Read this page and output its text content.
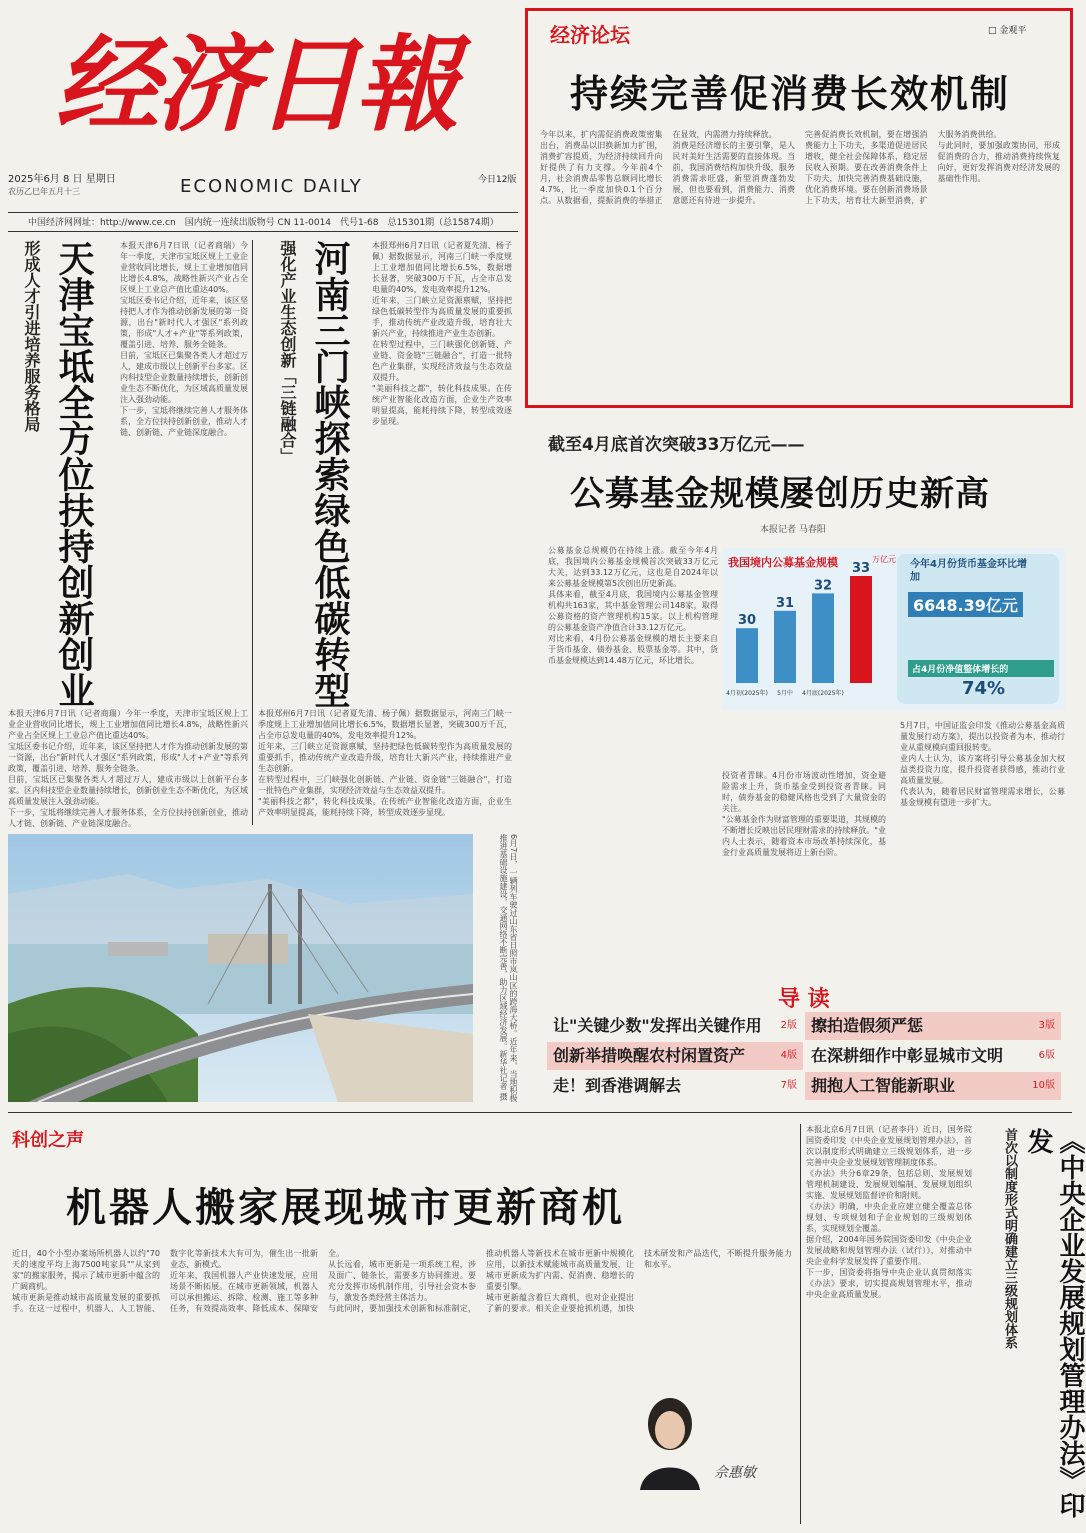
经济日報
2025年6月 8 日 星期日
农历乙巳年五月十三	ECONOMIC DAILY	今日12版
中国经济网网址：http://www.ce.cn　国内统一连续出版物号 CN 11-0014　代号1-68　总15301期（总15874期）
经济论坛	□ 金观平
持续完善促消费长效机制
今年以来，扩内需促消费政策密集出台，消费品以旧换新加力扩围，消费扩容提质，为经济持续回升向好提供了有力支撑。今年前4个月，社会消费品零售总额同比增长4.7%，比一季度加快0.1个百分点。从数据看，提振消费的举措正在显效，内需潜力持续释放。
消费是经济增长的主要引擎，是人民对美好生活需要的直接体现。当前，我国消费结构加快升级，服务消费需求旺盛，新型消费蓬勃发展，但也要看到，消费能力、消费意愿还有待进一步提升。
完善促消费长效机制，要在增强消费能力上下功夫，多渠道促进居民增收，健全社会保障体系，稳定居民收入预期。要在改善消费条件上下功夫，加快完善消费基础设施，优化消费环境。要在创新消费场景上下功夫，培育壮大新型消费，扩大服务消费供给。
与此同时，要加强政策协同，形成促消费的合力，推动消费持续恢复向好，更好发挥消费对经济发展的基础性作用。
形成人才引进培养服务格局 天津宝坻全方位扶持创新创业	本报天津6月7日讯（记者商瑞）今年一季度，天津市宝坻区规上工业企业营收同比增长，规上工业增加值同比增长4.8%，战略性新兴产业占全区规上工业总产值比重达40%。
宝坻区委书记介绍，近年来，该区坚持把人才作为推动创新发展的第一资源，出台"新时代人才强区"系列政策，形成"人才+产业"等系列政策，覆盖引进、培养、服务全链条。
目前，宝坻区已集聚各类人才超过万人，建成市级以上创新平台多家。区内科技型企业数量持续增长，创新创业生态不断优化，为区域高质量发展注入强劲动能。
下一步，宝坻将继续完善人才服务体系，全方位扶持创新创业，推动人才链、创新链、产业链深度融合。
本报天津6月7日讯（记者商瑞）今年一季度，天津市宝坻区规上工业企业营收同比增长，规上工业增加值同比增长4.8%，战略性新兴产业占全区规上工业总产值比重达40%。
宝坻区委书记介绍，近年来，该区坚持把人才作为推动创新发展的第一资源，出台"新时代人才强区"系列政策，形成"人才+产业"等系列政策，覆盖引进、培养、服务全链条。
目前，宝坻区已集聚各类人才超过万人，建成市级以上创新平台多家。区内科技型企业数量持续增长，创新创业生态不断优化，为区域高质量发展注入强劲动能。
下一步，宝坻将继续完善人才服务体系，全方位扶持创新创业，推动人才链、创新链、产业链深度融合。
强化产业生态创新「三链融合」 河南三门峡探索绿色低碳转型	本报郑州6月7日讯（记者夏先清、杨子佩）据数据显示，河南三门峡一季度规上工业增加值同比增长6.5%，数据增长显著，突破300万千瓦，占全市总发电量的40%，发电效率提升12%。
近年来，三门峡立足资源禀赋，坚持把绿色低碳转型作为高质量发展的重要抓手，推动传统产业改造升级，培育壮大新兴产业，持续推进产业生态创新。
在转型过程中，三门峡强化创新链、产业链、资金链"三链融合"，打造一批特色产业集群，实现经济效益与生态效益双提升。
"美丽科技之都"，转化科技成果。在传统产业智能化改造方面，企业生产效率明显提高，能耗持续下降，转型成效逐步显现。
本报郑州6月7日讯（记者夏先清、杨子佩）据数据显示，河南三门峡一季度规上工业增加值同比增长6.5%，数据增长显著，突破300万千瓦，占全市总发电量的40%，发电效率提升12%。
近年来，三门峡立足资源禀赋，坚持把绿色低碳转型作为高质量发展的重要抓手，推动传统产业改造升级，培育壮大新兴产业，持续推进产业生态创新。
在转型过程中，三门峡强化创新链、产业链、资金链"三链融合"，打造一批特色产业集群，实现经济效益与生态效益双提升。
"美丽科技之都"，转化科技成果。在传统产业智能化改造方面，企业生产效率明显提高，能耗持续下降，转型成效逐步显现。
6月7日，一辆列车驶过山东省日照市岚山区的跨海大桥。近年来，当地积极推进基础设施建设，交通网络不断完善，助力区域经济发展。新华社记者 摄
截至4月底首次突破33万亿元——
公募基金规模屡创历史新高
本报记者 马春阳
公募基金总规模仍在持续上涨。截至今年4月底，我国境内公募基金规模首次突破33万亿元大关，达到33.12万亿元，这也是自2024年以来公募基金规模第5次创出历史新高。
具体来看，截至4月底，我国境内公募基金管理机构共163家，其中基金管理公司148家，取得公募资格的资产管理机构15家。以上机构管理的公募基金资产净值合计33.12万亿元。
对比来看，4月份公募基金规模的增长主要来自于货币基金、债券基金、股票基金等。其中，货币基金规模达到14.48万亿元，环比增长。
投资者青睐。4月份市场波动性增加，资金避险需求上升，货币基金受到投资者青睐。同时，债券基金的稳健风格也受到了大量资金的关注。
"公募基金作为财富管理的重要渠道，其规模的不断增长反映出居民理财需求的持续释放。"业内人士表示，随着资本市场改革持续深化，基金行业高质量发展将迈上新台阶。
5月7日，中国证监会印发《推动公募基金高质量发展行动方案》，提出以投资者为本，推动行业从重规模向重回报转变。
业内人士认为，该方案将引导公募基金加大权益类投资力度，提升投资者获得感，推动行业高质量发展。
代表认为，随着居民财富管理需求增长，公募基金规模有望进一步扩大。
30
4月初(2025年)
31
5月中
32
4月底(2025年)
33
我国境内公募基金规模	万亿元 今年4月份货币基金环比增加
6648.39亿元
占4月份净值整体增长的
74%
导 读
让"关键少数"发挥出关键作用 2版 擦拍造假须严惩	3版
创新举措唤醒农村闲置资产	4版 在深耕细作中彰显城市文明	6版
走！到香港调解去	7版 拥抱人工智能新职业	10版
科创之声
机器人搬家展现城市更新商机
近日，40个小型办案场所机器人以约"70天的速度平均上海7500吨家具""从家到家"的搬家服务，揭示了城市更新中蕴含的广阔商机。
城市更新是推动城市高质量发展的重要抓手。在这一过程中，机器人、人工智能、数字化等新技术大有可为，催生出一批新业态、新模式。
近年来，我国机器人产业快速发展，应用场景不断拓展。在城市更新领域，机器人可以承担搬运、拆除、检测、施工等多种任务，有效提高效率、降低成本、保障安全。
从长远看，城市更新是一项系统工程，涉及面广、链条长，需要多方协同推进。要充分发挥市场机制作用，引导社会资本参与，激发各类经营主体活力。
与此同时，要加强技术创新和标准制定，推动机器人等新技术在城市更新中规模化应用，以新技术赋能城市高质量发展，让城市更新成为扩内需、促消费、稳增长的重要引擎。
城市更新蕴含着巨大商机，也对企业提出了新的要求。相关企业要抢抓机遇，加快技术研发和产品迭代，不断提升服务能力和水平。
佘惠敏
本报北京6月7日讯（记者李丹）近日，国务院国资委印发《中央企业发展规划管理办法》，首次以制度形式明确建立三级规划体系，进一步完善中央企业发展规划管理制度体系。
《办法》共分6章29条，包括总则、发展规划管理机制建设、发展规划编制、发展规划组织实施、发展规划监督评价和附则。
《办法》明确，中央企业应建立健全覆盖总体规划、专项规划和子企业规划的三级规划体系，实现规划全覆盖。
据介绍，2004年国务院国资委印发《中央企业发展战略和规划管理办法（试行）》，对推动中央企业科学发展发挥了重要作用。
下一步，国资委将指导中央企业认真贯彻落实《办法》要求，切实提高规划管理水平，推动中央企业高质量发展。	首次以制度形式明确建立三级规划体系	《中央企业发展规划管理办法》印发
